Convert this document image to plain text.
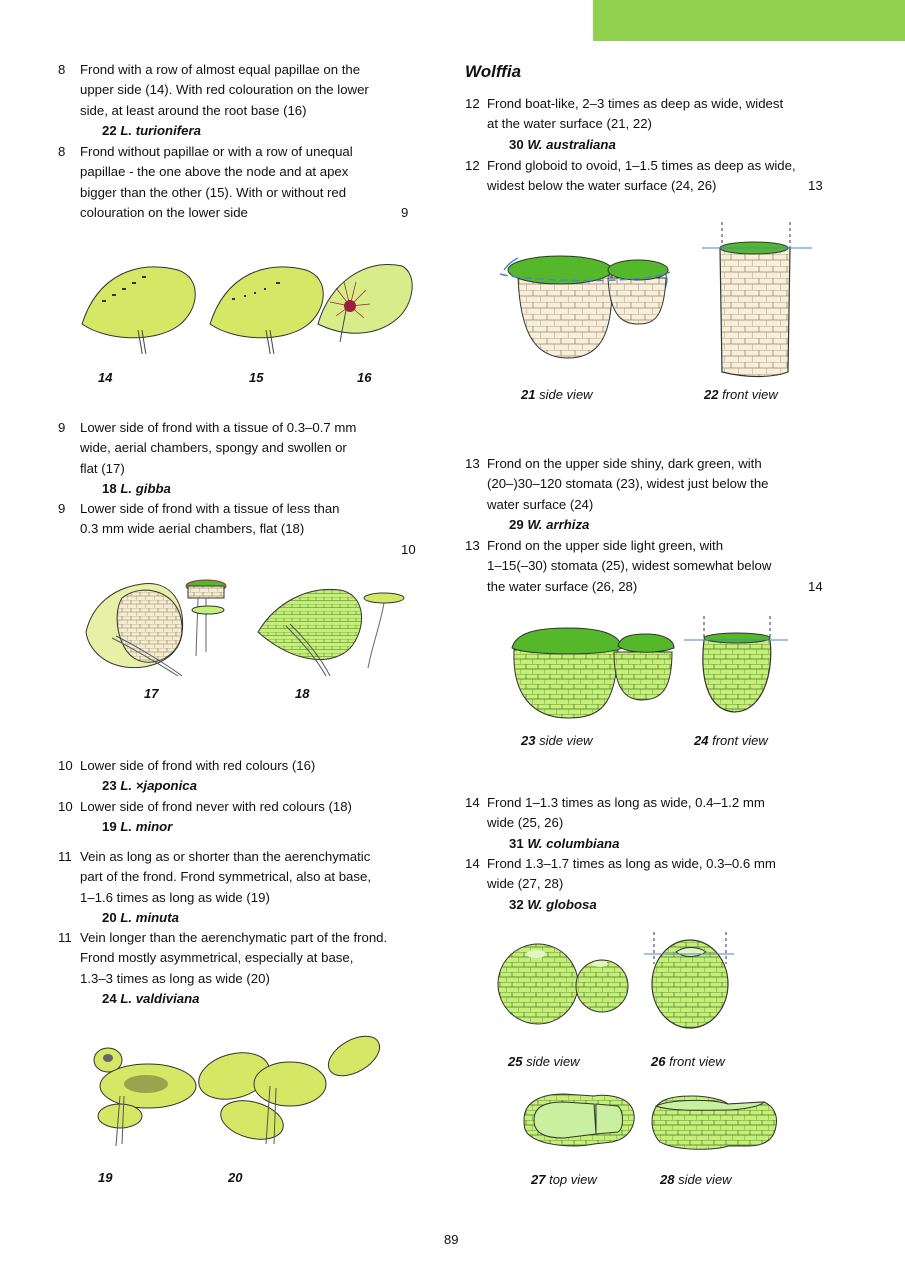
8 Frond with a row of almost equal papillae on the
upper side (14). With red colouration on the lower
side, at least around the root base (16)
22 L. turionifera
8 Frond without papillae or with a row of unequal
papillae - the one above the node and at apex
bigger than the other (15). With or without red
colouration on the lower side	9
14	15	16
9 Lower side of frond with a tissue of 0.3–0.7 mm
wide, aerial chambers, spongy and swollen or
flat (17)
18 L. gibba
9 Lower side of frond with a tissue of less than
0.3 mm wide aerial chambers, flat (18)
10
17	18
10 Lower side of frond with red colours (16)
23 L. ×japonica
10 Lower side of frond never with red colours (18)
19 L. minor
11 Vein as long as or shorter than the aerenchymatic
part of the frond. Frond symmetrical, also at base,
1–1.6 times as long as wide (19)
20 L. minuta
11 Vein longer than the aerenchymatic part of the frond.
Frond mostly asymmetrical, especially at base,
1.3–3 times as long as wide (20)
24 L. valdiviana
19	20
Wolffia
12 Frond boat-like, 2–3 times as deep as wide, widest
at the water surface (21, 22)
30 W. australiana
12 Frond globoid to ovoid, 1–1.5 times as deep as wide,
widest below the water surface (24, 26)	13
21 side view	22 front view
13 Frond on the upper side shiny, dark green, with
(20–)30–120 stomata (23), widest just below the
water surface (24)
29 W. arrhiza
13 Frond on the upper side light green, with
1–15(–30) stomata (25), widest somewhat below
the water surface (26, 28)	14
23 side view	24 front view
14 Frond 1–1.3 times as long as wide, 0.4–1.2 mm
wide (25, 26)
31 W. columbiana
14 Frond 1.3–1.7 times as long as wide, 0.3–0.6 mm
wide (27, 28)
32 W. globosa
25 side view	26 front view
27 top view	28 side view
89
